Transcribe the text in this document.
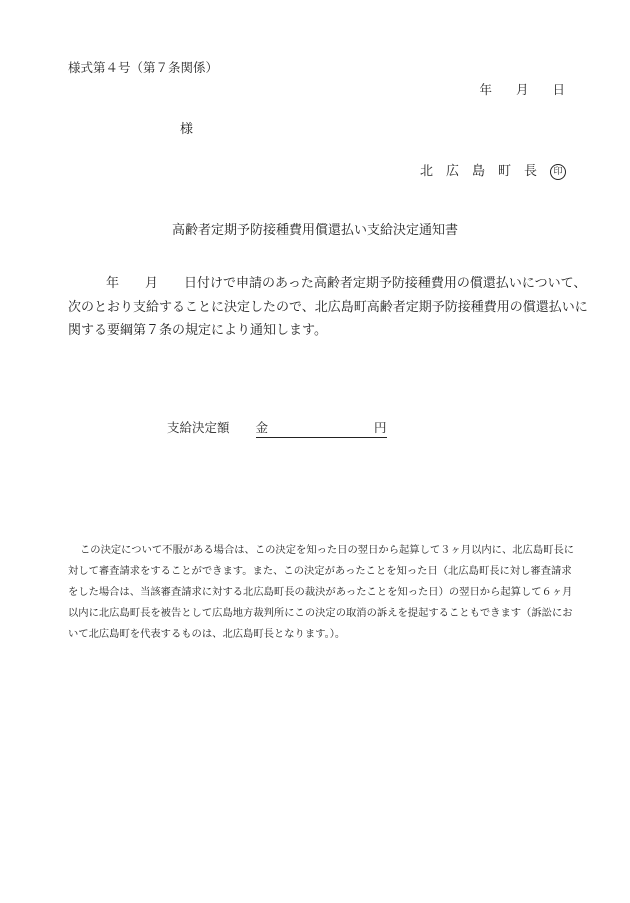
様式第４号（第７条関係）
年 月 日
様
北広島町長 印
高齢者定期予防接種費用償還払い支給決定通知書
年　　月　　日付けで申請のあった高齢者定期予防接種費用の償還払いについて、
次のとおり支給することに決定したので、北広島町高齢者定期予防接種費用の償還払いに
関する要綱第７条の規定により通知します。
支給決定額 金	円
この決定について不服がある場合は、この決定を知った日の翌日から起算して３ヶ月以内に、北広島町長に
対して審査請求をすることができます。また、この決定があったことを知った日（北広島町長に対し審査請求
をした場合は、当該審査請求に対する北広島町長の裁決があったことを知った日）の翌日から起算して６ヶ月
以内に北広島町長を被告として広島地方裁判所にこの決定の取消の訴えを提起することもできます（訴訟にお
いて北広島町を代表するものは、北広島町長となります。）。
